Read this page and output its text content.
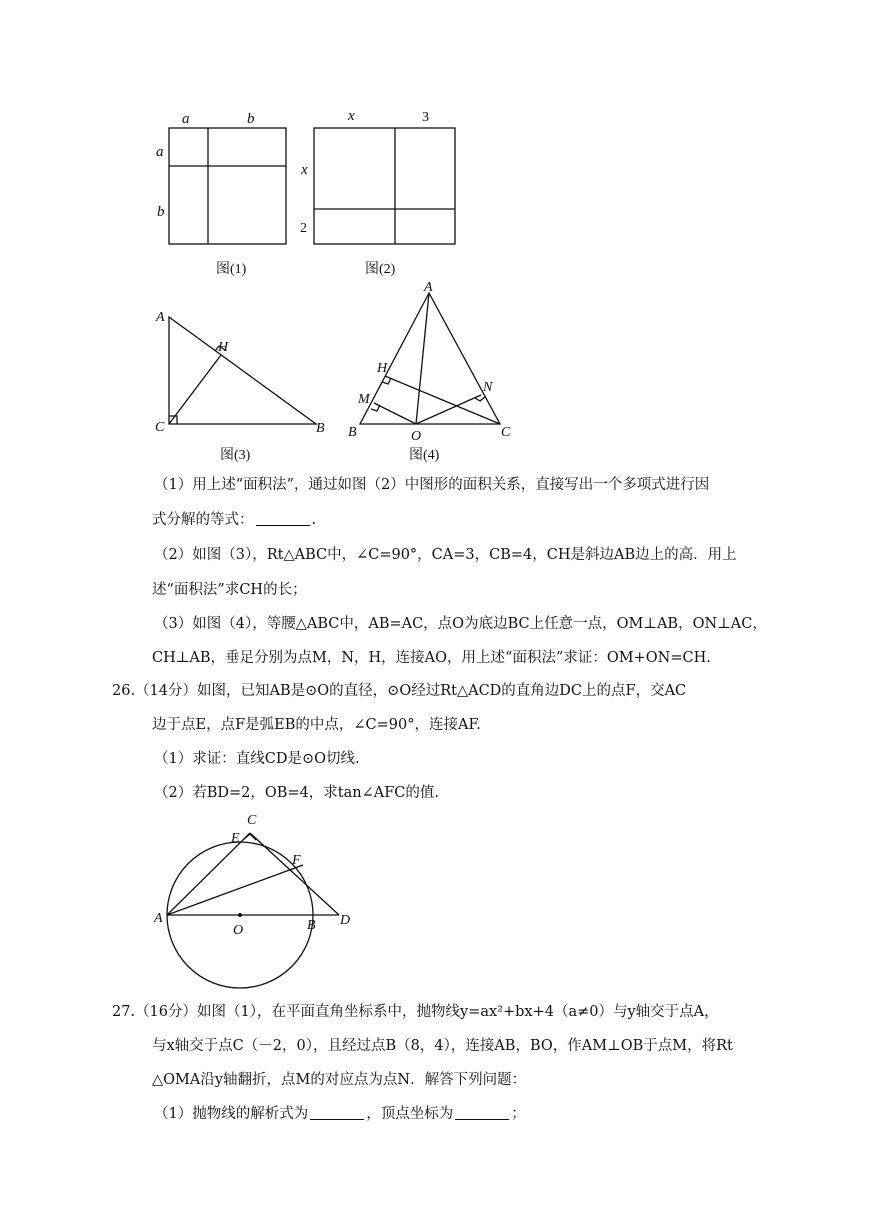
a	b
a
b
x
x
3
2
图(1)	图(2)
图(3)	图(4)
A
H
C	B
A
H
M
N
B	O	C
C
E
F
A
O	B D
（1）用上述“面积法”，通过如图（2）中图形的面积关系，直接写出一个多项式进行因
式分解的等式：	.
（2）如图（3），Rt△ABC中，∠C=90°，CA=3，CB=4，CH是斜边AB边上的高．用上
述“面积法”求CH的长；
（3）如图（4），等腰△ABC中，AB=AC，点O为底边BC上任意一点，OM⊥AB，ON⊥AC，
CH⊥AB，垂足分别为点M，N，H，连接AO，用上述“面积法”求证：OM+ON=CH.
26.（14分）如图，已知AB是⊙O的直径，⊙O经过Rt△ACD的直角边DC上的点F，交AC
边于点E，点F是弧EB的中点，∠C=90°，连接AF.
（1）求证：直线CD是⊙O切线.
（2）若BD=2，OB=4，求tan∠AFC的值.
27.（16分）如图（1），在平面直角坐标系中，抛物线y=ax²+bx+4（a≠0）与y轴交于点A，
与x轴交于点C（－2，0），且经过点B（8，4），连接AB，BO，作AM⊥OB于点M，将Rt
△OMA沿y轴翻折，点M的对应点为点N．解答下列问题：
（1）抛物线的解析式为	，顶点坐标为	；
